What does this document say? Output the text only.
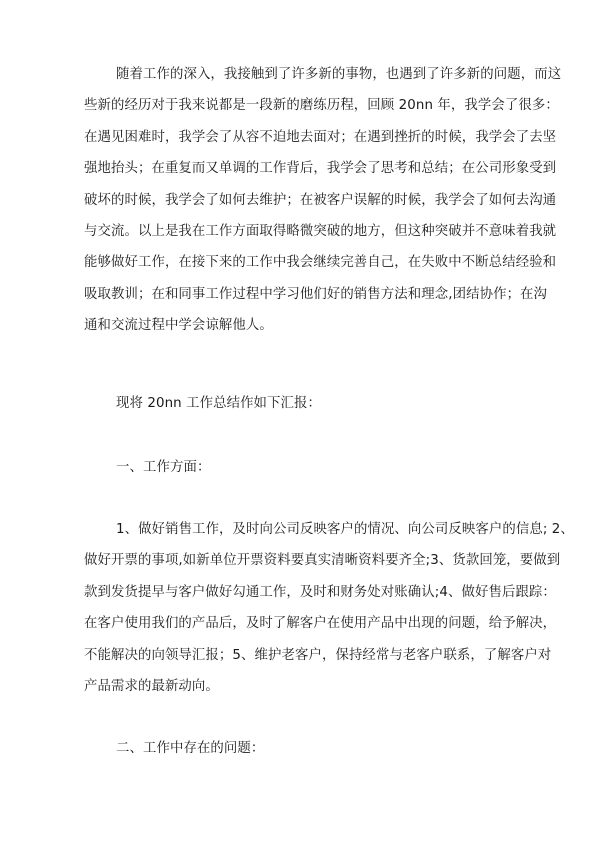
随着工作的深入，我接触到了许多新的事物，也遇到了许多新的问题，而这
些新的经历对于我来说都是一段新的磨练历程，回顾 20nn 年，我学会了很多：
在遇见困难时，我学会了从容不迫地去面对；在遇到挫折的时候，我学会了去坚
强地抬头；在重复而又单调的工作背后，我学会了思考和总结；在公司形象受到
破坏的时候，我学会了如何去维护；在被客户误解的时候，我学会了如何去沟通
与交流。以上是我在工作方面取得略微突破的地方，但这种突破并不意味着我就
能够做好工作，在接下来的工作中我会继续完善自己，在失败中不断总结经验和
吸取教训；在和同事工作过程中学习他们好的销售方法和理念,团结协作；在沟
通和交流过程中学会谅解他人。
现将 20nn 工作总结作如下汇报：
一、工作方面：
1、做好销售工作，及时向公司反映客户的情况、向公司反映客户的信息; 2、
做好开票的事项,如新单位开票资料要真实清晰资料要齐全;3、货款回笼，要做到
款到发货提早与客户做好勾通工作，及时和财务处对账确认;4、做好售后跟踪：
在客户使用我们的产品后，及时了解客户在使用产品中出现的问题，给予解决，
不能解决的向领导汇报；5、维护老客户，保持经常与老客户联系，了解客户对
产品需求的最新动向。
二、工作中存在的问题：
